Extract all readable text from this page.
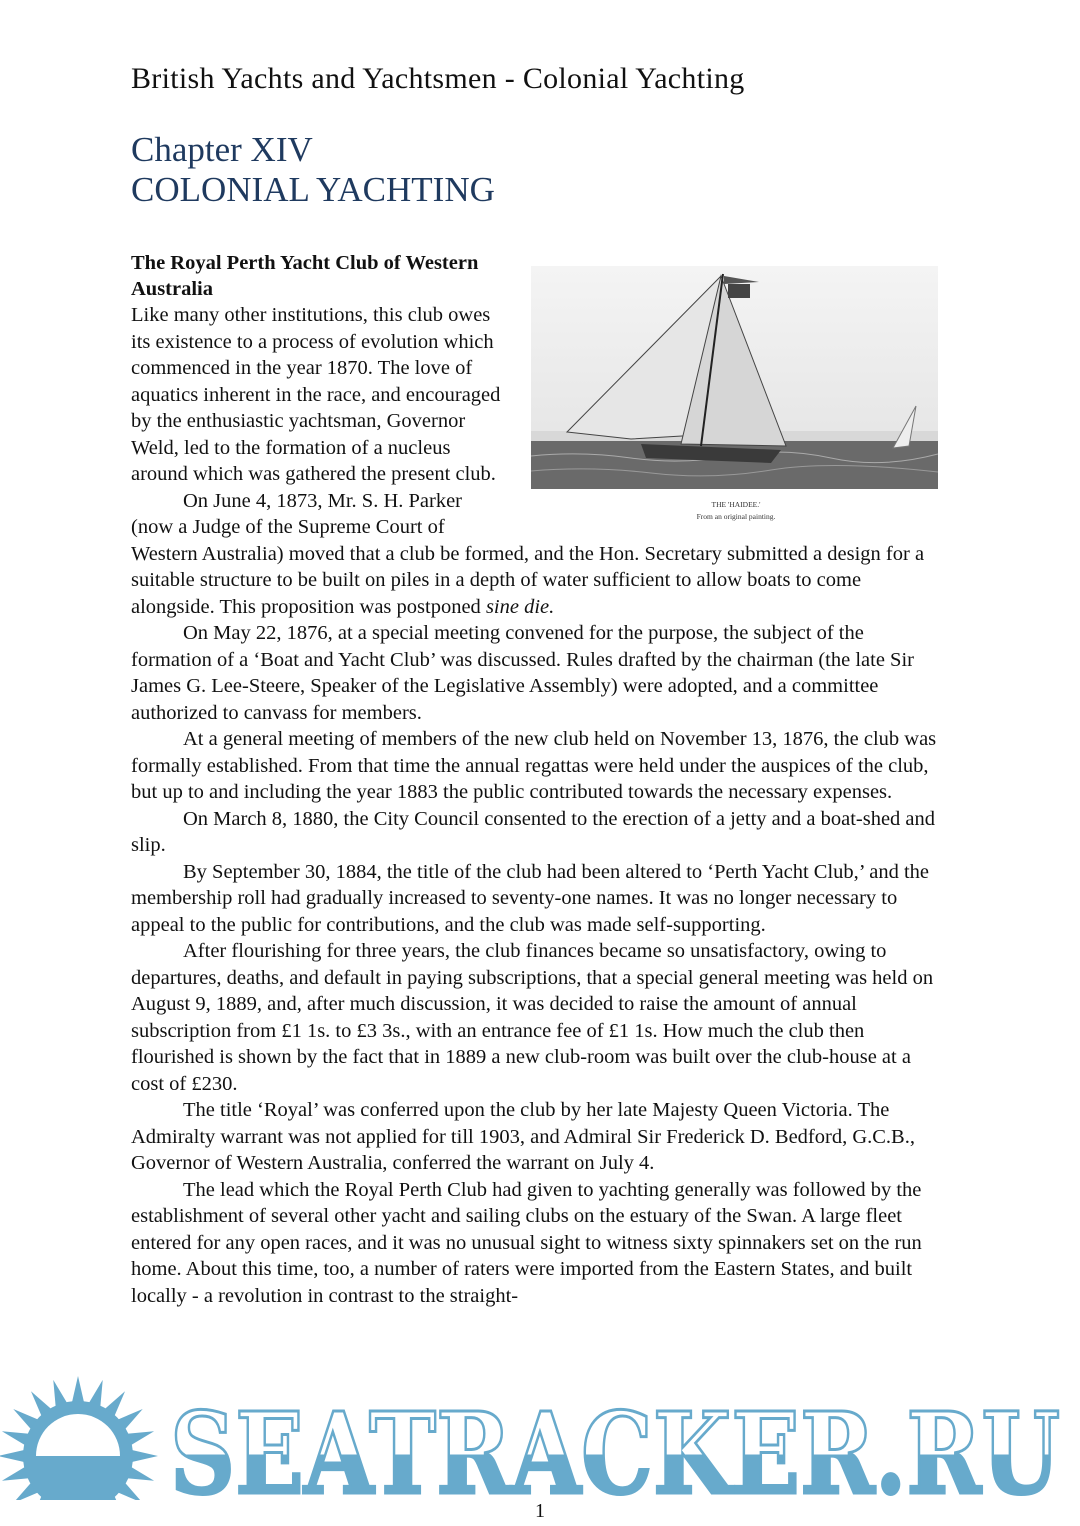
British Yachts and Yachtsmen - Colonial Yachting
Chapter XIV
COLONIAL YACHTING
THE 'HAIDEE.'
From an original painting.
The Royal Perth Yacht Club of Western Australia

Like many other institutions, this club owes its existence to a process of evolution which commenced in the year 1870. The love of aquatics inherent in the race, and encouraged by the enthusiastic yachtsman, Governor Weld, led to the formation of a nucleus around which was gathered the present club.

On June 4, 1873, Mr. S. H. Parker (now a Judge of the Supreme Court of Western Australia) moved that a club be formed, and the Hon. Secretary submitted a design for a suitable structure to be built on piles in a depth of water sufficient to allow boats to come alongside. This proposition was postponed sine die.

On May 22, 1876, at a special meeting convened for the purpose, the subject of the formation of a ‘Boat and Yacht Club’ was discussed. Rules drafted by the chairman (the late Sir James G. Lee-Steere, Speaker of the Legislative Assembly) were adopted, and a committee authorized to canvass for members.

At a general meeting of members of the new club held on November 13, 1876, the club was formally established. From that time the annual regattas were held under the auspices of the club, but up to and including the year 1883 the public contributed towards the necessary expenses.

On March 8, 1880, the City Council consented to the erection of a jetty and a boat-shed and slip.

By September 30, 1884, the title of the club had been altered to ‘Perth Yacht Club,’ and the membership roll had gradually increased to seventy-one names. It was no longer necessary to appeal to the public for contributions, and the club was made self-supporting.

After flourishing for three years, the club finances became so unsatisfactory, owing to departures, deaths, and default in paying subscriptions, that a special general meeting was held on August 9, 1889, and, after much discussion, it was decided to raise the amount of annual subscription from £1 1s. to £3 3s., with an entrance fee of £1 1s. How much the club then flourished is shown by the fact that in 1889 a new club-room was built over the club-house at a cost of £230.

The title ‘Royal’ was conferred upon the club by her late Majesty Queen Victoria. The Admiralty warrant was not applied for till 1903, and Admiral Sir Frederick D. Bedford, G.C.B., Governor of Western Australia, conferred the warrant on July 4.

The lead which the Royal Perth Club had given to yachting generally was followed by the establishment of several other yacht and sailing clubs on the estuary of the Swan. A large fleet entered for any open races, and it was no unusual sight to witness sixty spinnakers set on the run home. About this time, too, a number of raters were imported from the Eastern States, and built locally - a revolution in contrast to the straight-

SEATRACKER.RU
1
